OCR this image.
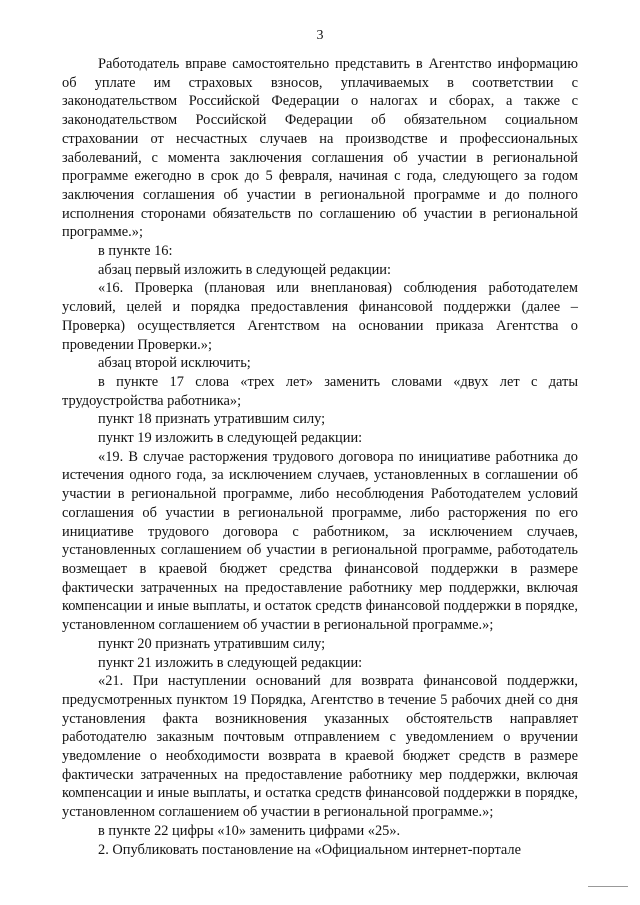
3

Работодатель вправе самостоятельно представить в Агентство информацию об уплате им страховых взносов, уплачиваемых в соответствии с законодательством Российской Федерации о налогах и сборах, а также с законодательством Российской Федерации об обязательном социальном страховании от несчастных случаев на производстве и профессиональных заболеваний, с момента заключения соглашения об участии в региональной программе ежегодно в срок до 5 февраля, начиная с года, следующего за годом заключения соглашения об участии в региональной программе и до полного исполнения сторонами обязательств по соглашению об участии в региональной программе.»;

в пункте 16:

абзац первый изложить в следующей редакции:

«16. Проверка (плановая или внеплановая) соблюдения работодателем условий, целей и порядка предоставления финансовой поддержки (далее – Проверка) осуществляется Агентством на основании приказа Агентства о проведении Проверки.»;

абзац второй исключить;

в пункте 17 слова «трех лет» заменить словами «двух лет с даты трудоустройства работника»;

пункт 18 признать утратившим силу;

пункт 19 изложить в следующей редакции:

«19. В случае расторжения трудового договора по инициативе работника до истечения одного года, за исключением случаев, установленных в соглашении об участии в региональной программе, либо несоблюдения Работодателем условий соглашения об участии в региональной программе, либо расторжения по его инициативе трудового договора с работником, за исключением случаев, установленных соглашением об участии в региональной программе, работодатель возмещает в краевой бюджет средства финансовой поддержки в размере фактически затраченных на предоставление работнику мер поддержки, включая компенсации и иные выплаты, и остаток средств финансовой поддержки в порядке, установленном соглашением об участии в региональной программе.»;

пункт 20 признать утратившим силу;

пункт 21 изложить в следующей редакции:

«21. При наступлении оснований для возврата финансовой поддержки, предусмотренных пунктом 19 Порядка, Агентство в течение 5 рабочих дней со дня установления факта возникновения указанных обстоятельств направляет работодателю заказным почтовым отправлением с уведомлением о вручении уведомление о необходимости возврата в краевой бюджет средств в размере фактически затраченных на предоставление работнику мер поддержки, включая компенсации и иные выплаты, и остатка средств финансовой поддержки в порядке, установленном соглашением об участии в региональной программе.»;

в пункте 22 цифры «10» заменить цифрами «25».

2. Опубликовать постановление на «Официальном интернет-портале
